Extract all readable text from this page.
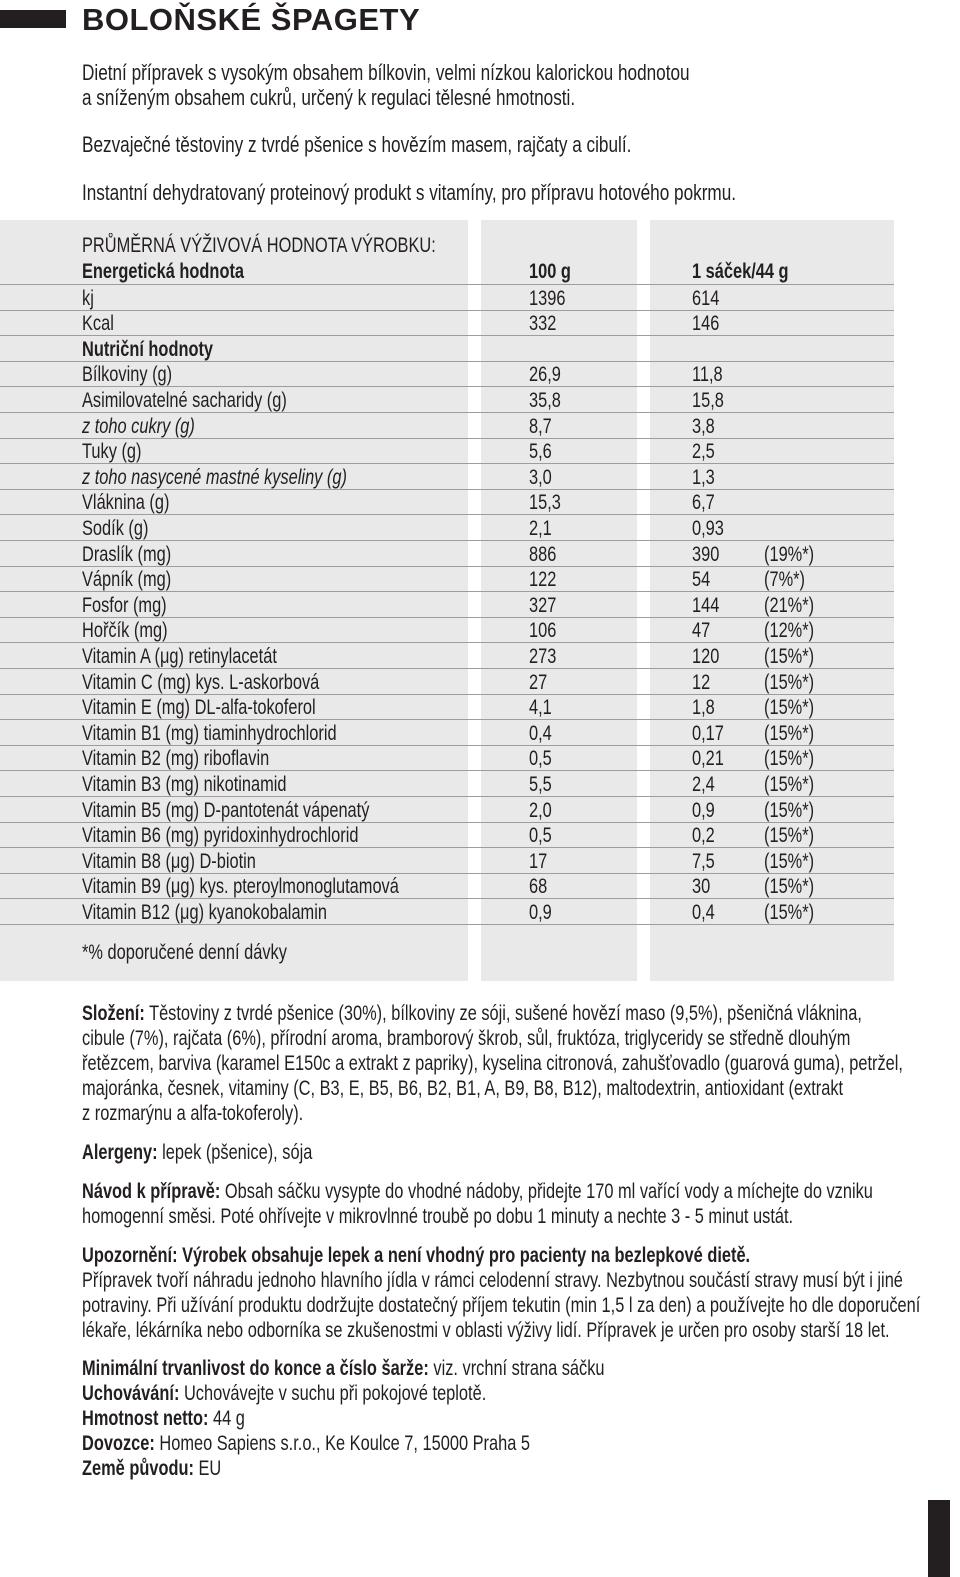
BOLOŇSKÉ ŠPAGETY
Dietní přípravek s vysokým obsahem bílkovin, velmi nízkou kalorickou hodnotou
a sníženým obsahem cukrů, určený k regulaci tělesné hmotnosti.
Bezvaječné těstoviny z tvrdé pšenice s hovězím masem, rajčaty a cibulí.
Instantní dehydratovaný proteinový produkt s vitamíny, pro přípravu hotového pokrmu.
PRŮMĚRNÁ VÝŽIVOVÁ HODNOTA VÝROBKU:
Energetická hodnota	100 g	1 sáček/44 g
kj	1396	614
Kcal	332	146
Nutriční hodnoty
Bílkoviny (g)	26,9	11,8
Asimilovatelné sacharidy (g)	35,8	15,8
z toho cukry (g)	8,7	3,8
Tuky (g)	5,6	2,5
z toho nasycené mastné kyseliny (g)	3,0	1,3
Vláknina (g)	15,3	6,7
Sodík (g)	2,1	0,93
Draslík (mg)	886	390	(19%*)
Vápník (mg)	122	54	(7%*)
Fosfor (mg)	327	144	(21%*)
Hořčík (mg)	106	47	(12%*)
Vitamin A (μg) retinylacetát	273	120	(15%*)
Vitamin C (mg) kys. L-askorbová	27	12	(15%*)
Vitamin E (mg) DL-alfa-tokoferol	4,1	1,8	(15%*)
Vitamin B1 (mg) tiaminhydrochlorid	0,4	0,17	(15%*)
Vitamin B2 (mg) riboflavin	0,5	0,21	(15%*)
Vitamin B3 (mg) nikotinamid	5,5	2,4	(15%*)
Vitamin B5 (mg) D-pantotenát vápenatý	2,0	0,9	(15%*)
Vitamin B6 (mg) pyridoxinhydrochlorid	0,5	0,2	(15%*)
Vitamin B8 (μg) D-biotin	17	7,5	(15%*)
Vitamin B9 (μg) kys. pteroylmonoglutamová	68	30	(15%*)
Vitamin B12 (μg) kyanokobalamin	0,9	0,4	(15%*)
*% doporučené denní dávky
Složení: Těstoviny z tvrdé pšenice (30%), bílkoviny ze sóji, sušené hovězí maso (9,5%), pšeničná vláknina,
cibule (7%), rajčata (6%), přírodní aroma, bramborový škrob, sůl, fruktóza, triglyceridy se středně dlouhým
řetězcem, barviva (karamel E150c a extrakt z papriky), kyselina citronová, zahušťovadlo (guarová guma), petržel,
majoránka, česnek, vitaminy (C, B3, E, B5, B6, B2, B1, A, B9, B8, B12), maltodextrin, antioxidant (extrakt
z rozmarýnu a alfa-tokoferoly).
Alergeny: lepek (pšenice), sója
Návod k přípravě: Obsah sáčku vysypte do vhodné nádoby, přidejte 170 ml vařící vody a míchejte do vzniku
homogenní směsi. Poté ohřívejte v mikrovlnné troubě po dobu 1 minuty a nechte 3 - 5 minut ustát.
Upozornění: Výrobek obsahuje lepek a není vhodný pro pacienty na bezlepkové dietě.
Přípravek tvoří náhradu jednoho hlavního jídla v rámci celodenní stravy. Nezbytnou součástí stravy musí být i jiné
potraviny. Při užívání produktu dodržujte dostatečný příjem tekutin (min 1,5 l za den) a používejte ho dle doporučení
lékaře, lékárníka nebo odborníka se zkušenostmi v oblasti výživy lidí. Přípravek je určen pro osoby starší 18 let.
Minimální trvanlivost do konce a číslo šarže: viz. vrchní strana sáčku
Uchovávání: Uchovávejte v suchu při pokojové teplotě.
Hmotnost netto: 44 g
Dovozce: Homeo Sapiens s.r.o., Ke Koulce 7, 15000 Praha 5
Země původu: EU
